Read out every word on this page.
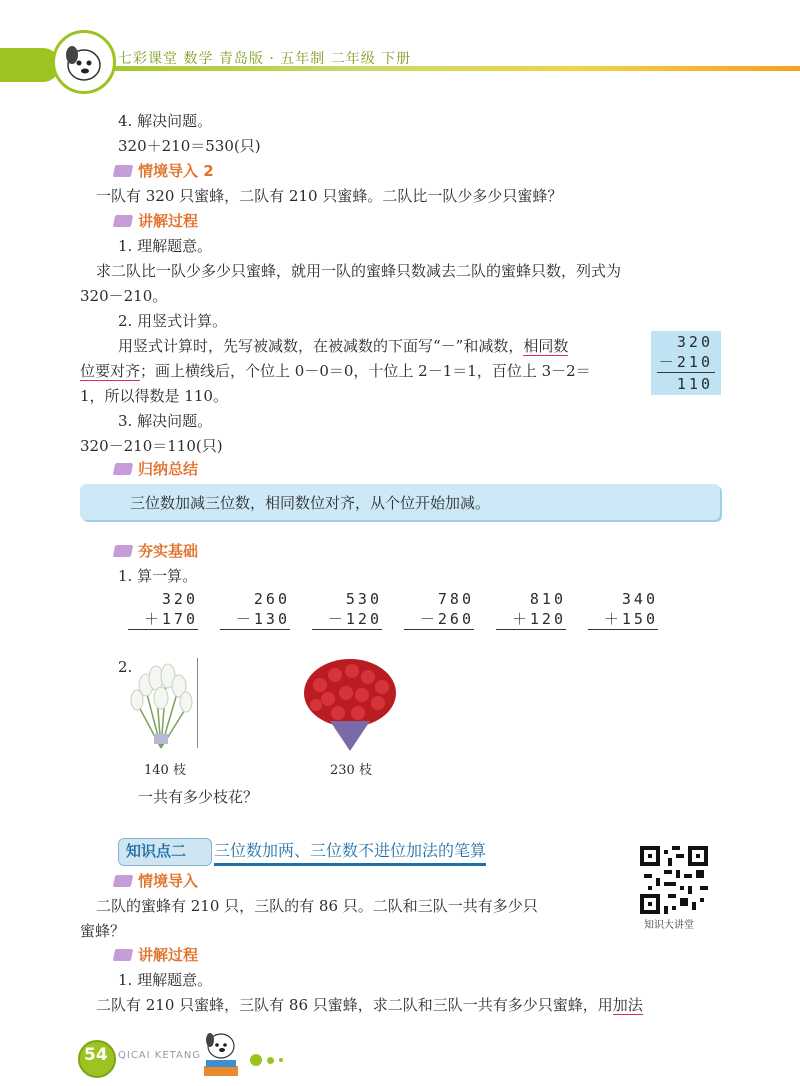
七彩课堂 数学 青岛版 · 五年制 二年级 下册
4. 解决问题。
320＋210＝530(只)
情境导入 2
一队有 320 只蜜蜂，二队有 210 只蜜蜂。二队比一队少多少只蜜蜂？
讲解过程
1. 理解题意。
求二队比一队少多少只蜜蜂，就用一队的蜜蜂只数减去二队的蜜蜂只数，列式为
320－210。
2. 用竖式计算。
用竖式计算时，先写被减数，在被减数的下面写“－”和减数，相同数
位要对齐；画上横线后，个位上 0－0＝0，十位上 2－1＝1，百位上 3－2＝
1，所以得数是 110。
320
－210
110
3. 解决问题。
320－210＝110(只)
归纳总结
三位数加减三位数，相同数位对齐，从个位开始加减。
夯实基础
1. 算一算。
320
＋170
260
－130
530
－120
780
－260
810
＋120
340
＋150
2.
140 枝	230 枝
一共有多少枝花？
知识点二 三位数加两、三位数不进位加法的笔算
知识大讲堂
情境导入
二队的蜜蜂有 210 只，三队的有 86 只。二队和三队一共有多少只
蜜蜂？
讲解过程
1. 理解题意。
二队有 210 只蜜蜂，三队有 86 只蜜蜂，求二队和三队一共有多少只蜜蜂，用加法
54 QICAI KETANG
